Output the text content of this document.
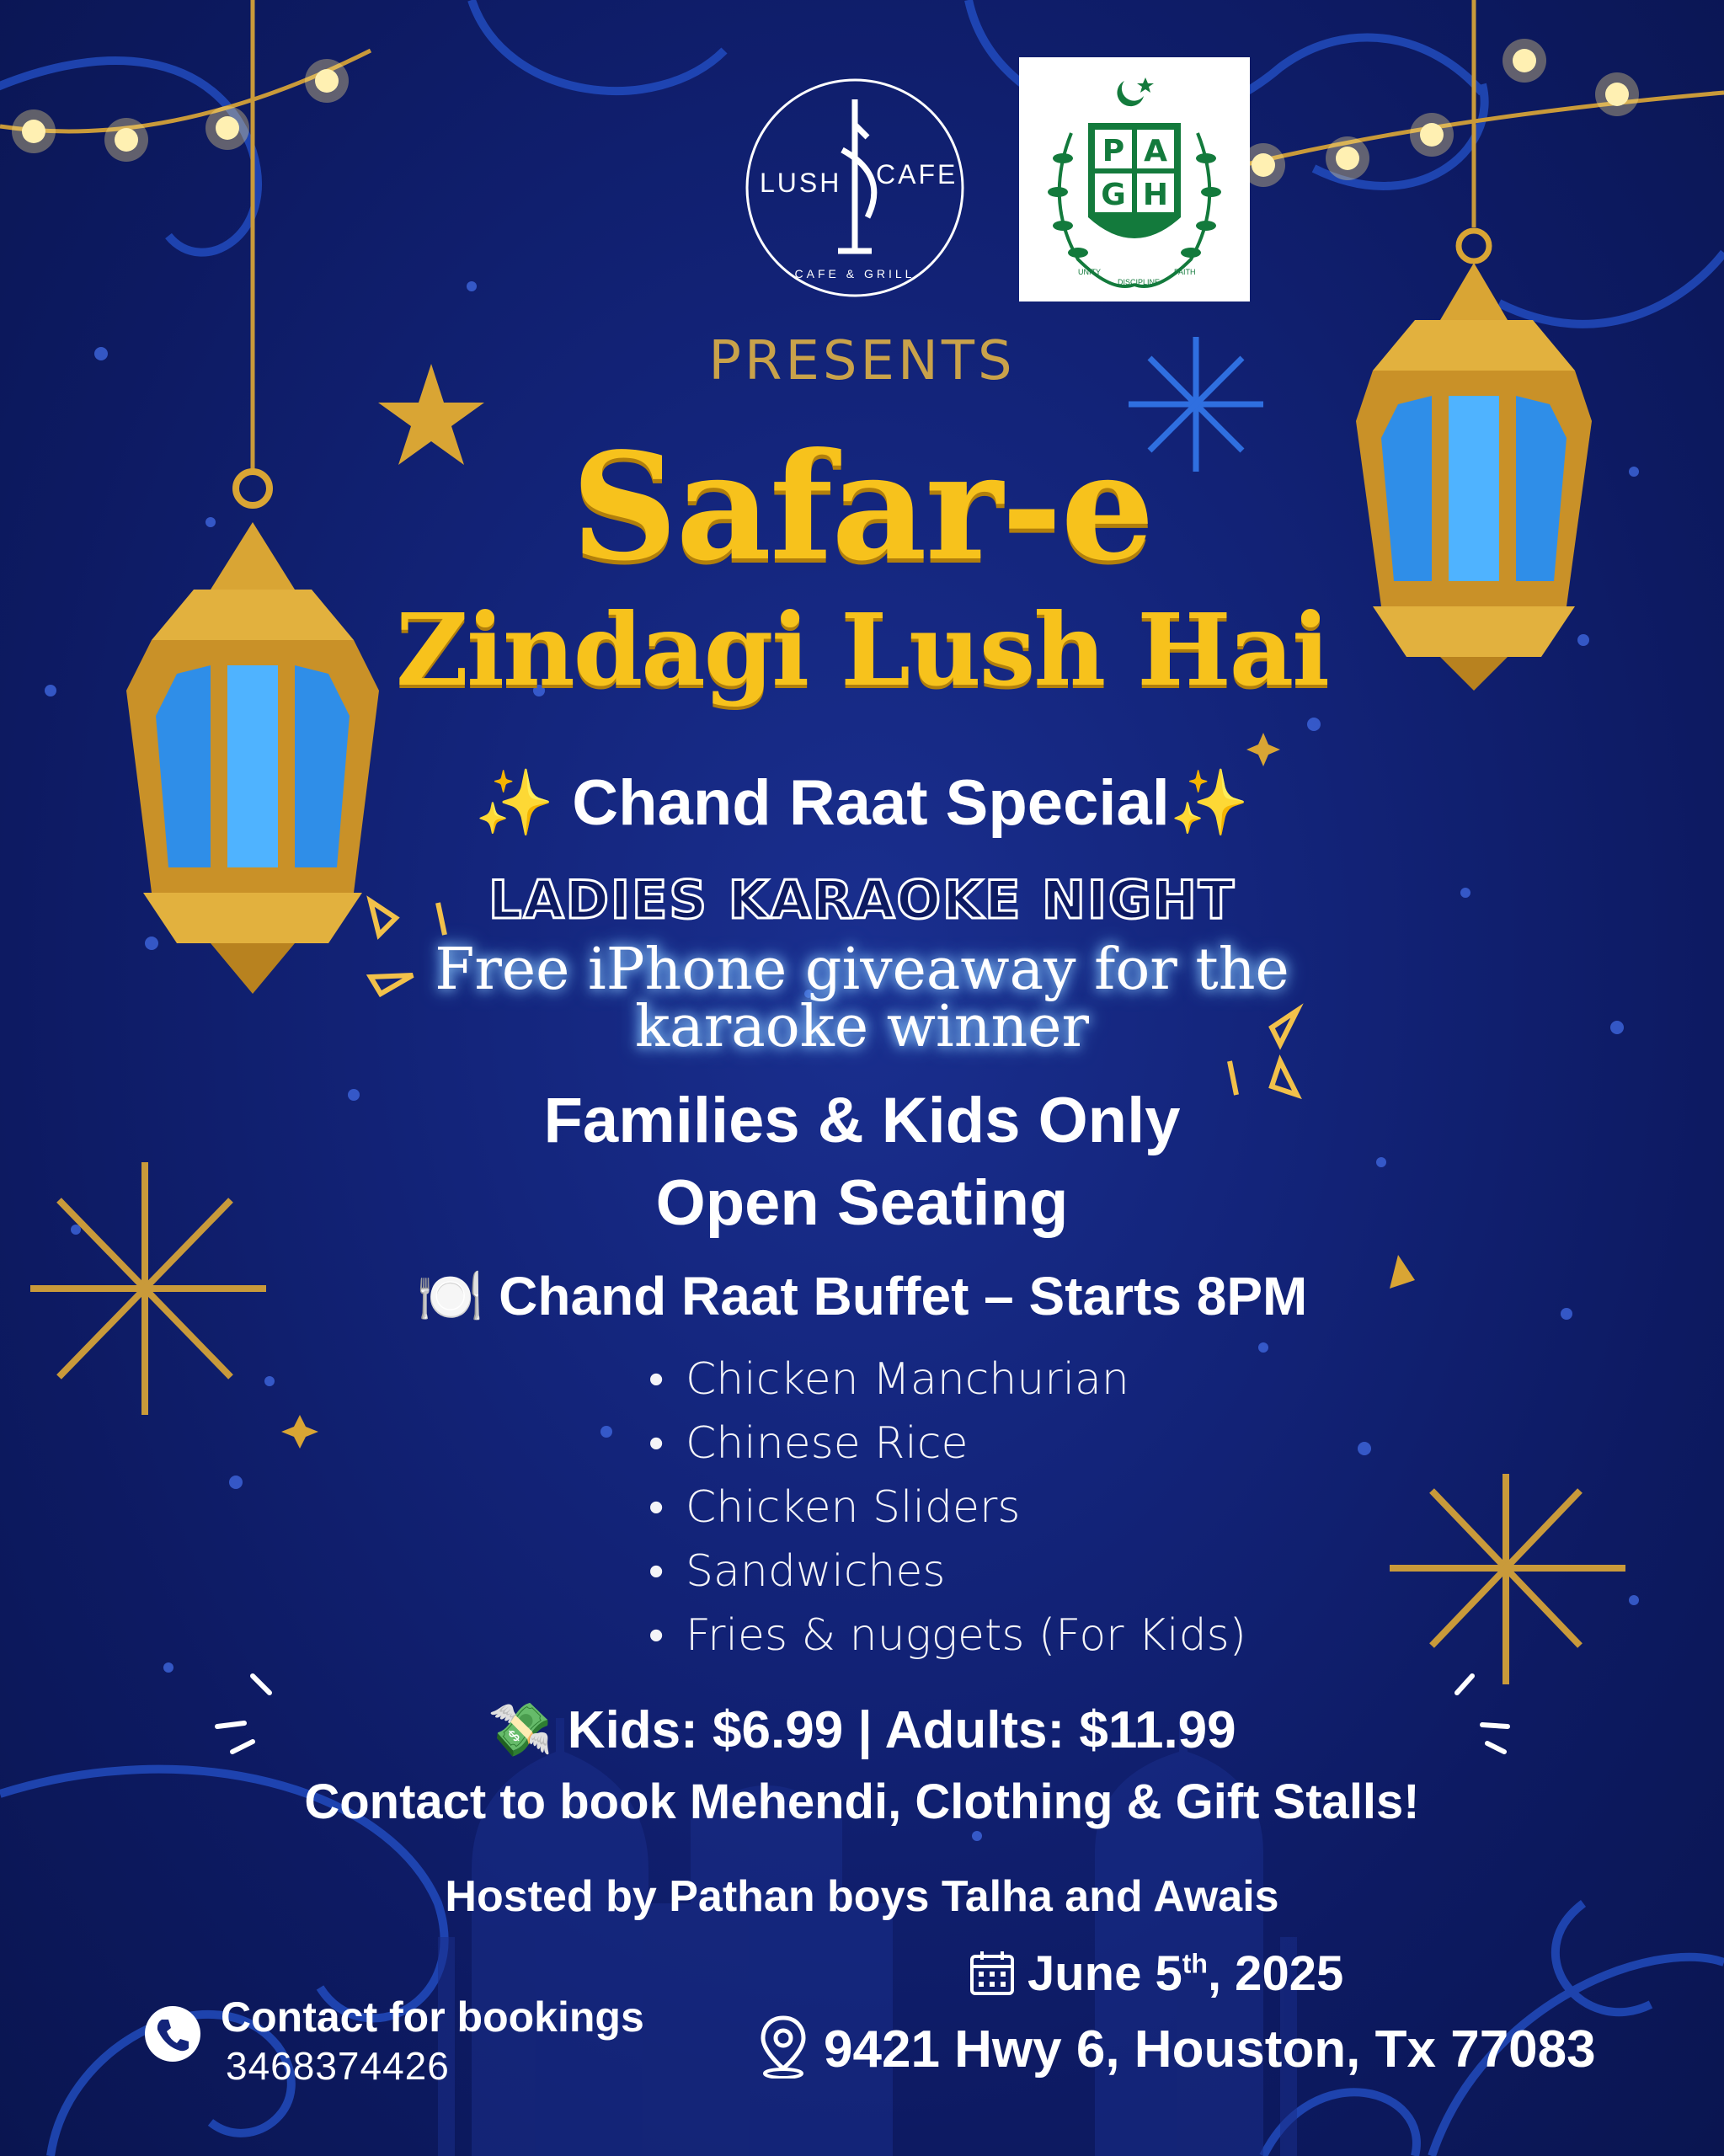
LUSH CAFE
CAFE & GRILL
P A
G H
UNITY
DISCIPLINE
FAITH
PRESENTS
Safar-e
Zindagi Lush Hai
✨ Chand Raat Special✨
LADIES KARAOKE NIGHT
Free iPhone giveaway for the
karaoke winner
Families & Kids Only
Open Seating
🍽️ Chand Raat Buffet – Starts 8PM
• Chicken Manchurian
• Chinese Rice
• Chicken Sliders
• Sandwiches
• Fries & nuggets (For Kids)
💸 Kids: $6.99 | Adults: $11.99
Contact to book Mehendi, Clothing & Gift Stalls!
Hosted by Pathan boys Talha and Awais
June 5th, 2025
9421 Hwy 6, Houston, Tx 77083
Contact for bookings
3468374426
